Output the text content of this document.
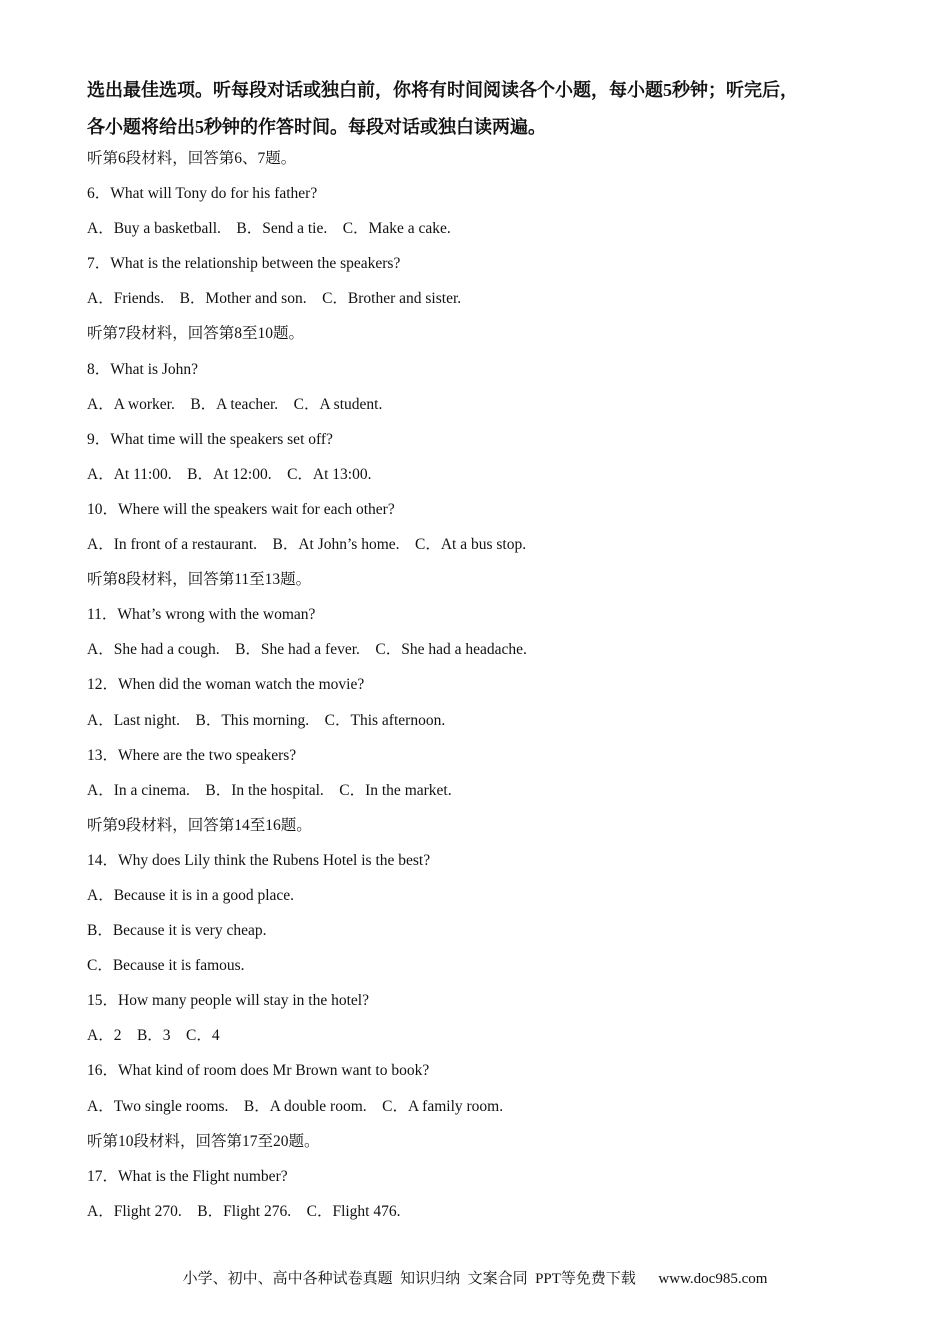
选出最佳选项。听每段对话或独白前，你将有时间阅读各个小题，每小题5秒钟；听完后，
各小题将给出5秒钟的作答时间。每段对话或独白读两遍。
听第6段材料，回答第6、7题。
6．What will Tony do for his father?
A．Buy a basketball.    B．Send a tie.    C．Make a cake.
7．What is the relationship between the speakers?
A．Friends.    B．Mother and son.    C．Brother and sister.
听第7段材料，回答第8至10题。
8．What is John?
A．A worker.    B．A teacher.    C．A student.
9．What time will the speakers set off?
A．At 11:00.    B．At 12:00.    C．At 13:00.
10．Where will the speakers wait for each other?
A．In front of a restaurant.    B．At John’s home.    C．At a bus stop.
听第8段材料，回答第11至13题。
11．What’s wrong with the woman?
A．She had a cough.    B．She had a fever.    C．She had a headache.
12．When did the woman watch the movie?
A．Last night.    B．This morning.    C．This afternoon.
13．Where are the two speakers?
A．In a cinema.    B．In the hospital.    C．In the market.
听第9段材料，回答第14至16题。
14．Why does Lily think the Rubens Hotel is the best?
A．Because it is in a good place.
B．Because it is very cheap.
C．Because it is famous.
15．How many people will stay in the hotel?
A．2    B．3    C．4
16．What kind of room does Mr Brown want to book?
A．Two single rooms.    B．A double room.    C．A family room.
听第10段材料，回答第17至20题。
17．What is the Flight number?
A．Flight 270.    B．Flight 276.    C．Flight 476.
小学、初中、高中各种试卷真题  知识归纳  文案合同  PPT等免费下载      www.doc985.com
